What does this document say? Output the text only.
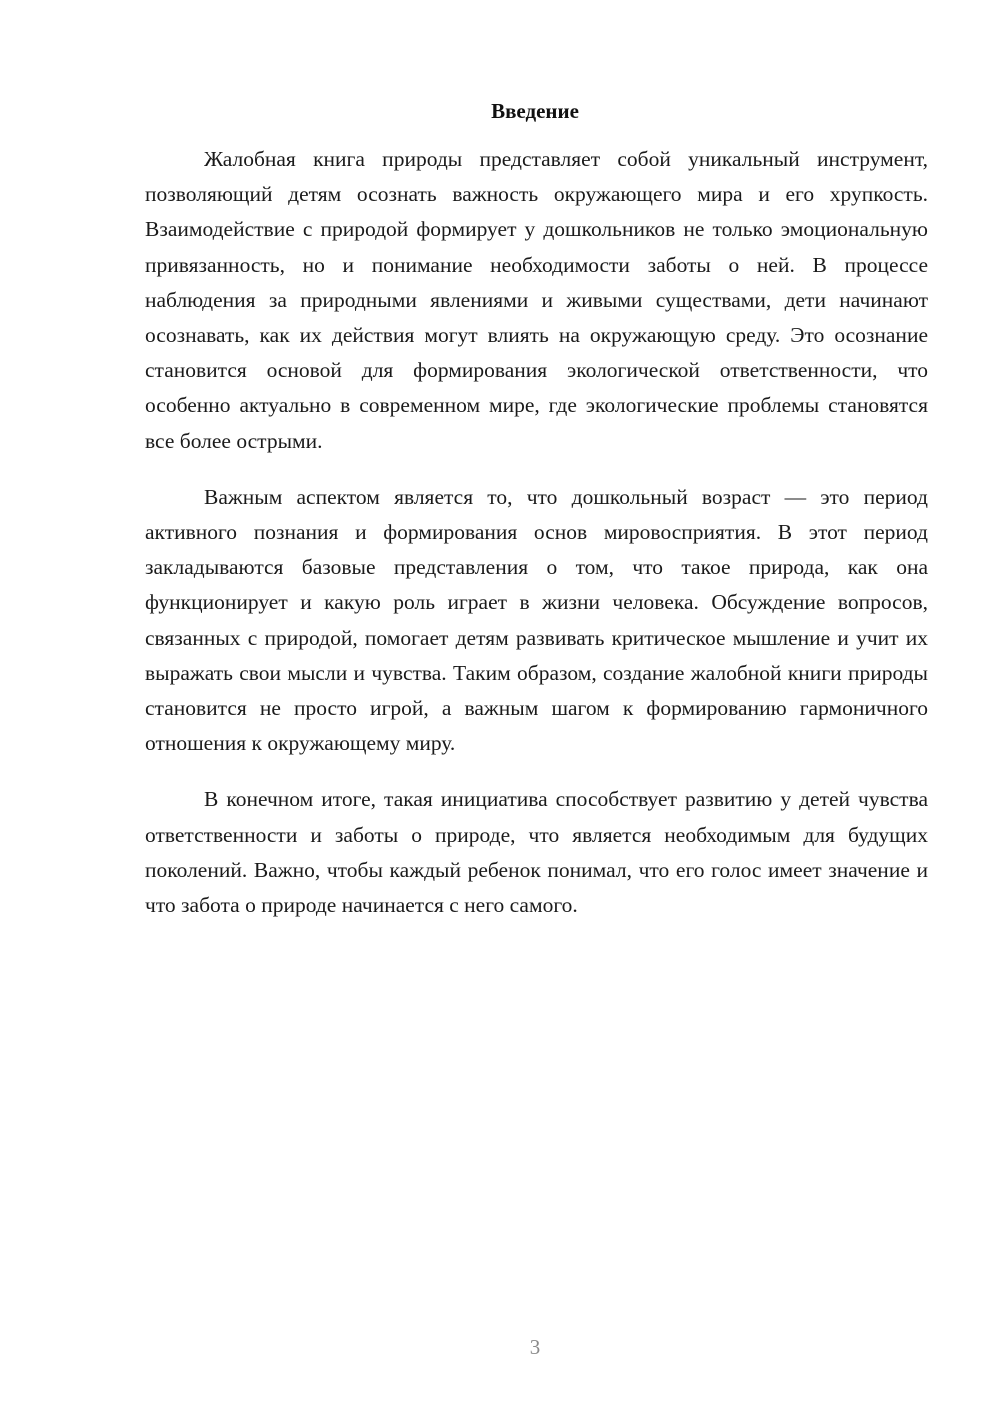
Введение

Жалобная книга природы представляет собой уникальный инструмент, позволяющий детям осознать важность окружающего мира и его хрупкость. Взаимодействие с природой формирует у дошкольников не только эмоциональную привязанность, но и понимание необходимости заботы о ней. В процессе наблюдения за природными явлениями и живыми существами, дети начинают осознавать, как их действия могут влиять на окружающую среду. Это осознание становится основой для формирования экологической ответственности, что особенно актуально в современном мире, где экологические проблемы становятся все более острыми.

Важным аспектом является то, что дошкольный возраст — это период активного познания и формирования основ мировосприятия. В этот период закладываются базовые представления о том, что такое природа, как она функционирует и какую роль играет в жизни человека. Обсуждение вопросов, связанных с природой, помогает детям развивать критическое мышление и учит их выражать свои мысли и чувства. Таким образом, создание жалобной книги природы становится не просто игрой, а важным шагом к формированию гармоничного отношения к окружающему миру.

В конечном итоге, такая инициатива способствует развитию у детей чувства ответственности и заботы о природе, что является необходимым для будущих поколений. Важно, чтобы каждый ребенок понимал, что его голос имеет значение и что забота о природе начинается с него самого.

3
